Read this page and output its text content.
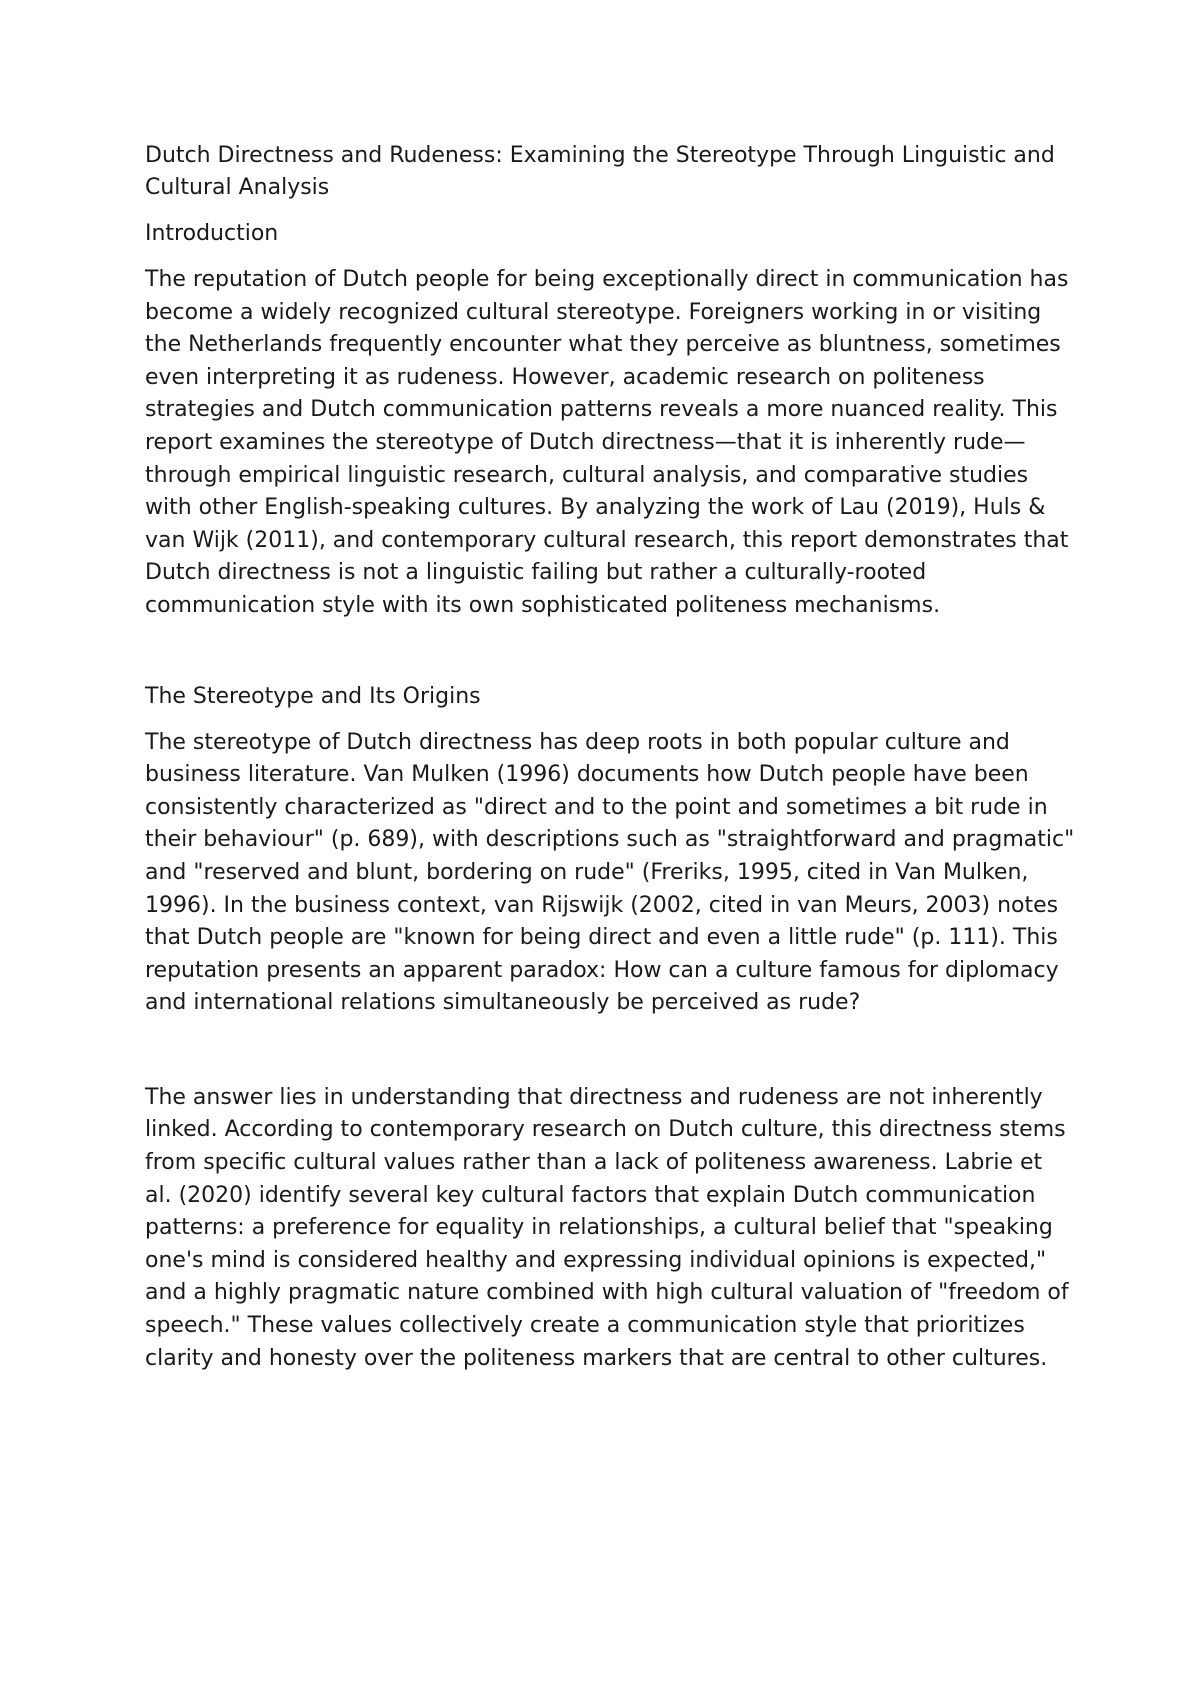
Dutch Directness and Rudeness: Examining the Stereotype Through Linguistic and Cultural Analysis
Introduction

The reputation of Dutch people for being exceptionally direct in communication has become a widely recognized cultural stereotype. Foreigners working in or visiting the Netherlands frequently encounter what they perceive as bluntness, sometimes even interpreting it as rudeness. However, academic research on politeness strategies and Dutch communication patterns reveals a more nuanced reality. This report examines the stereotype of Dutch directness—that it is inherently rude—through empirical linguistic research, cultural analysis, and comparative studies with other English-speaking cultures. By analyzing the work of Lau (2019), Huls & van Wijk (2011), and contemporary cultural research, this report demonstrates that Dutch directness is not a linguistic failing but rather a culturally-rooted communication style with its own sophisticated politeness mechanisms.

The Stereotype and Its Origins

The stereotype of Dutch directness has deep roots in both popular culture and business literature. Van Mulken (1996) documents how Dutch people have been consistently characterized as "direct and to the point and sometimes a bit rude in their behaviour" (p. 689), with descriptions such as "straightforward and pragmatic" and "reserved and blunt, bordering on rude" (Freriks, 1995, cited in Van Mulken, 1996). In the business context, van Rijswijk (2002, cited in van Meurs, 2003) notes that Dutch people are "known for being direct and even a little rude" (p. 111). This reputation presents an apparent paradox: How can a culture famous for diplomacy and international relations simultaneously be perceived as rude?

The answer lies in understanding that directness and rudeness are not inherently linked. According to contemporary research on Dutch culture, this directness stems from specific cultural values rather than a lack of politeness awareness. Labrie et al. (2020) identify several key cultural factors that explain Dutch communication patterns: a preference for equality in relationships, a cultural belief that "speaking one's mind is considered healthy and expressing individual opinions is expected," and a highly pragmatic nature combined with high cultural valuation of "freedom of speech." These values collectively create a communication style that prioritizes clarity and honesty over the politeness markers that are central to other cultures.
